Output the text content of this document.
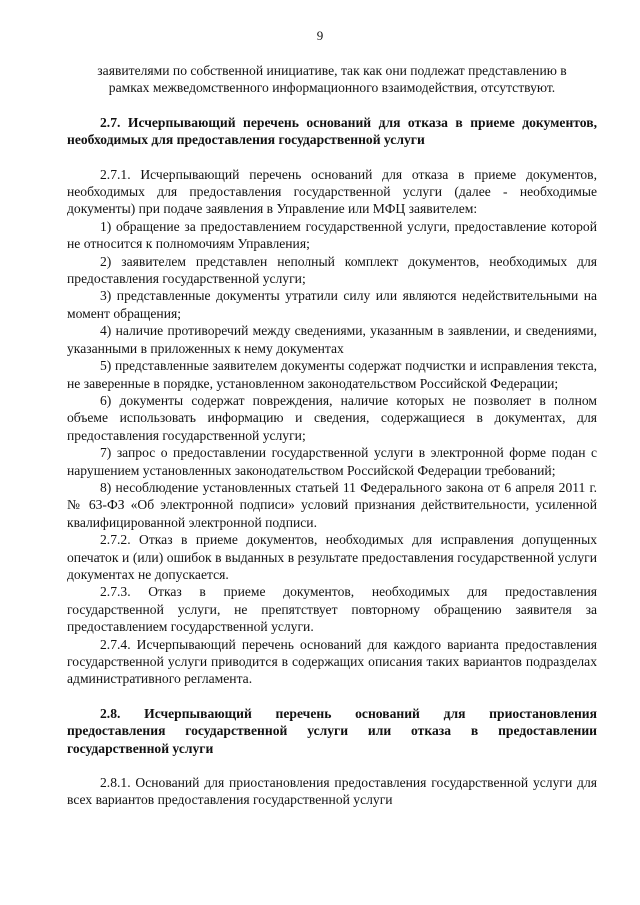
9

заявителями по собственной инициативе, так как они подлежат представлению в

рамках межведомственного информационного взаимодействия, отсутствуют.

2.7. Исчерпывающий перечень оснований для отказа в приеме документов, необходимых для предоставления государственной услуги

2.7.1. Исчерпывающий перечень оснований для отказа в приеме документов, необходимых для предоставления государственной услуги (далее - необходимые документы) при подаче заявления в Управление или МФЦ заявителем:

1) обращение за предоставлением государственной услуги, предоставление которой не относится к полномочиям Управления;

2) заявителем представлен неполный комплект документов, необходимых для предоставления государственной услуги;

3) представленные документы утратили силу или являются недействительными на момент обращения;

4) наличие противоречий между сведениями, указанным в заявлении, и сведениями, указанными в приложенных к нему документах

5) представленные заявителем документы содержат подчистки и исправления текста, не заверенные в порядке, установленном законодательством Российской Федерации;

6) документы содержат повреждения, наличие которых не позволяет в полном объеме использовать информацию и сведения, содержащиеся в документах, для предоставления государственной услуги;

7) запрос о предоставлении государственной услуги в электронной форме подан с нарушением установленных законодательством Российской Федерации требований;

8) несоблюдение установленных статьей 11 Федерального закона от 6 апреля 2011 г. № 63-ФЗ «Об электронной подписи» условий признания действительности, усиленной квалифицированной электронной подписи.

2.7.2. Отказ в приеме документов, необходимых для исправления допущенных опечаток и (или) ошибок в выданных в результате предоставления государственной услуги документах не допускается.

2.7.3. Отказ в приеме документов, необходимых для предоставления государственной услуги, не препятствует повторному обращению заявителя за предоставлением государственной услуги.

2.7.4. Исчерпывающий перечень оснований для каждого варианта предоставления государственной услуги приводится в содержащих описания таких вариантов подразделах административного регламента.

2.8. Исчерпывающий перечень оснований для приостановления предоставления государственной услуги или отказа в предоставлении государственной услуги

2.8.1. Оснований для приостановления предоставления государственной услуги для всех вариантов предоставления государственной услуги
